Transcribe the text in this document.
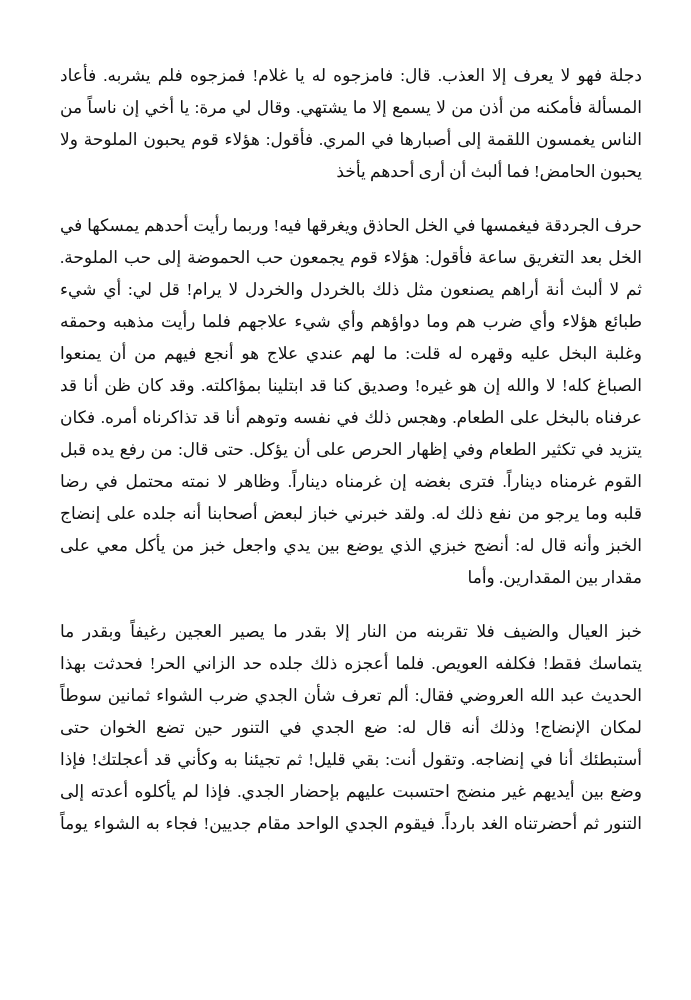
دجلة فهو لا يعرف إلا العذب. قال: فامزجوه له يا غلام! فمزجوه فلم يشربه. فأعاد
المسألة فأمكنه من أذن من لا يسمع إلا ما يشتهي. وقال لي مرة: يا أخي إن ناساً من
الناس يغمسون اللقمة إلى أصبارها في المري. فأقول: هؤلاء قوم يحبون الملوحة ولا
يحبون الحامض! فما ألبث أن أرى أحدهم يأخذ
حرف الجردقة فيغمسها في الخل الحاذق ويغرقها فيه! وربما رأيت أحدهم يمسكها في
الخل بعد التغريق ساعة فأقول: هؤلاء قوم يجمعون حب الحموضة إلى حب الملوحة.
ثم لا ألبث أنة أراهم يصنعون مثل ذلك بالخردل والخردل لا يرام! قل لي: أي شيء
طبائع هؤلاء وأي ضرب هم وما دواؤهم وأي شيء علاجهم فلما رأيت مذهبه وحمقه
وغلبة البخل عليه وقهره له قلت: ما لهم عندي علاج هو أنجع فيهم من أن يمنعوا
الصباغ كله! لا والله إن هو غيره! وصديق كنا قد ابتلينا بمؤاكلته. وقد كان ظن أنا قد
عرفناه بالبخل على الطعام. وهجس ذلك في نفسه وتوهم أنا قد تذاكرناه أمره. فكان
يتزيد في تكثير الطعام وفي إظهار الحرص على أن يؤكل. حتى قال: من رفع يده قبل
القوم غرمناه ديناراً. فترى بغضه إن غرمناه ديناراً. وظاهر لا نمته محتمل في رضا
قلبه وما يرجو من نفع ذلك له. ولقد خبرني خباز لبعض أصحابنا أنه جلده على إنضاج
الخبز وأنه قال له: أنضج خبزي الذي يوضع بين يدي واجعل خبز من يأكل معي على
مقدار بين المقدارين. وأما
خبز العيال والضيف فلا تقربنه من النار إلا بقدر ما يصير العجين رغيفاً وبقدر ما
يتماسك فقط! فكلفه العويص. فلما أعجزه ذلك جلده حد الزاني الحر! فحدثت بهذا
الحديث عبد الله العروضي فقال: ألم تعرف شأن الجدي ضرب الشواء ثمانين سوطاً
لمكان الإنضاج! وذلك أنه قال له: ضع الجدي في التنور حين تضع الخوان حتى
أستبطئك أنا في إنضاجه. وتقول أنت: بقي قليل! ثم تجيئنا به وكأني قد أعجلتك! فإذا
وضع بين أيديهم غير منضج احتسبت عليهم بإحضار الجدي. فإذا لم يأكلوه أعدته إلى
التنور ثم أحضرتناه الغد بارداً. فيقوم الجدي الواحد مقام جديين! فجاء به الشواء يوماً
